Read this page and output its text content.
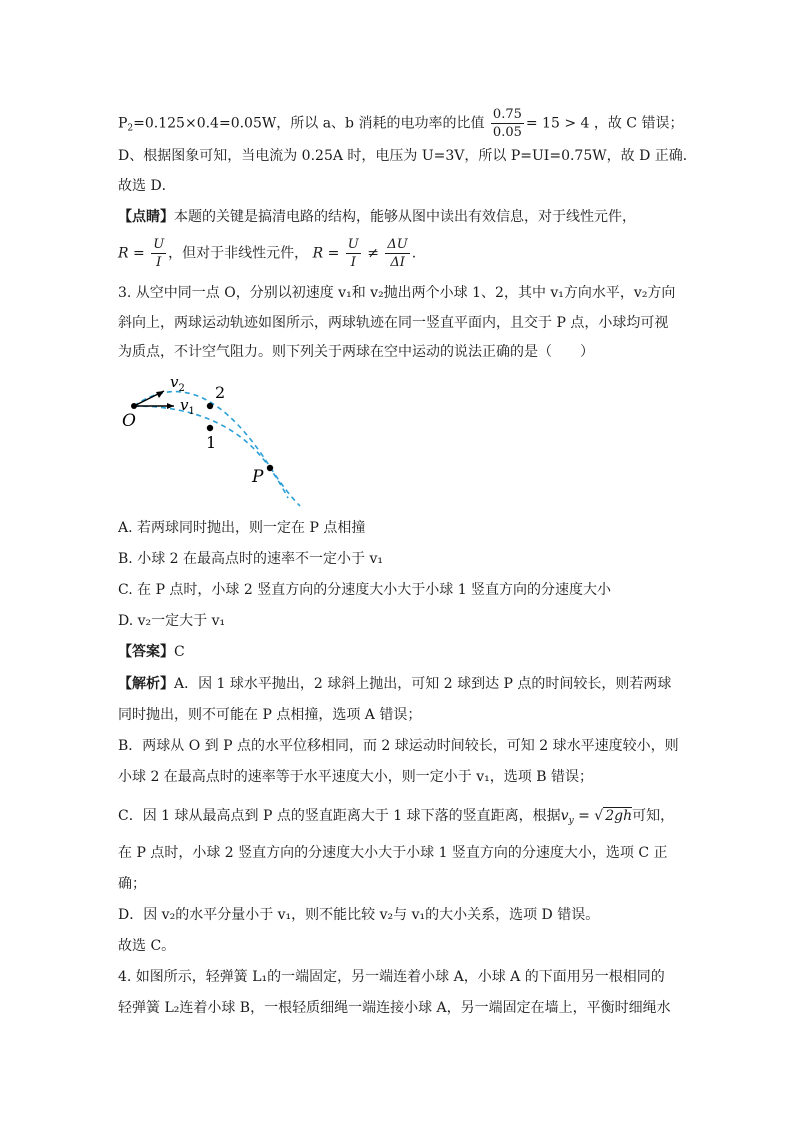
$P_2=0.125\times 0.4=0.05W$，所以 a、b 消耗的电功率的比值 $\frac{0.75}{0.05} = 15 > 4$ ，故 C 错误；
D、根据图象可知，当电流为 0.25A 时，电压为 U=3V，所以 P=UI=0.75W，故 D 正确．
故选 D．
【点睛】本题的关键是搞清电路的结构，能够从图中读出有效信息，对于线性元件，
$R = \frac{U}{I}$ ，但对于非线性元件， $R = \frac{U}{I} \ne \frac{\Delta U}{\Delta I}$ .
3. 从空中同一点 O，分别以初速度 v₁和 v₂抛出两个小球 1、2，其中 v₁方向水平，v₂方向
斜向上，两球运动轨迹如图所示，两球轨迹在同一竖直平面内，且交于 P 点，小球均可视
为质点，不计空气阻力。则下列关于两球在空中运动的说法正确的是（　　）
O
$v_2$
$v_1$
2
1
P
A. 若两球同时抛出，则一定在 P 点相撞
B. 小球 2 在最高点时的速率不一定小于 v₁
C. 在 P 点时，小球 2 竖直方向的分速度大小大于小球 1 竖直方向的分速度大小
D. v₂一定大于 v₁
【答案】C
【解析】A．因 1 球水平抛出，2 球斜上抛出，可知 2 球到达 P 点的时间较长，则若两球
同时抛出，则不可能在 P 点相撞，选项 A 错误；
B．两球从 O 到 P 点的水平位移相同，而 2 球运动时间较长，可知 2 球水平速度较小，则
小球 2 在最高点时的速率等于水平速度大小，则一定小于 v₁，选项 B 错误；
C．因 1 球从最高点到 P 点的竖直距离大于 1 球下落的竖直距离，根据$v_y$ = √ 2gh可知，
在 P 点时，小球 2 竖直方向的分速度大小大于小球 1 竖直方向的分速度大小，选项 C 正
确；
D．因 v₂的水平分量小于 v₁，则不能比较 v₂与 v₁的大小关系，选项 D 错误。
故选 C。
4. 如图所示，轻弹簧 L₁的一端固定，另一端连着小球 A，小球 A 的下面用另一根相同的
轻弹簧 L₂连着小球 B，一根轻质细绳一端连接小球 A，另一端固定在墙上，平衡时细绳水
